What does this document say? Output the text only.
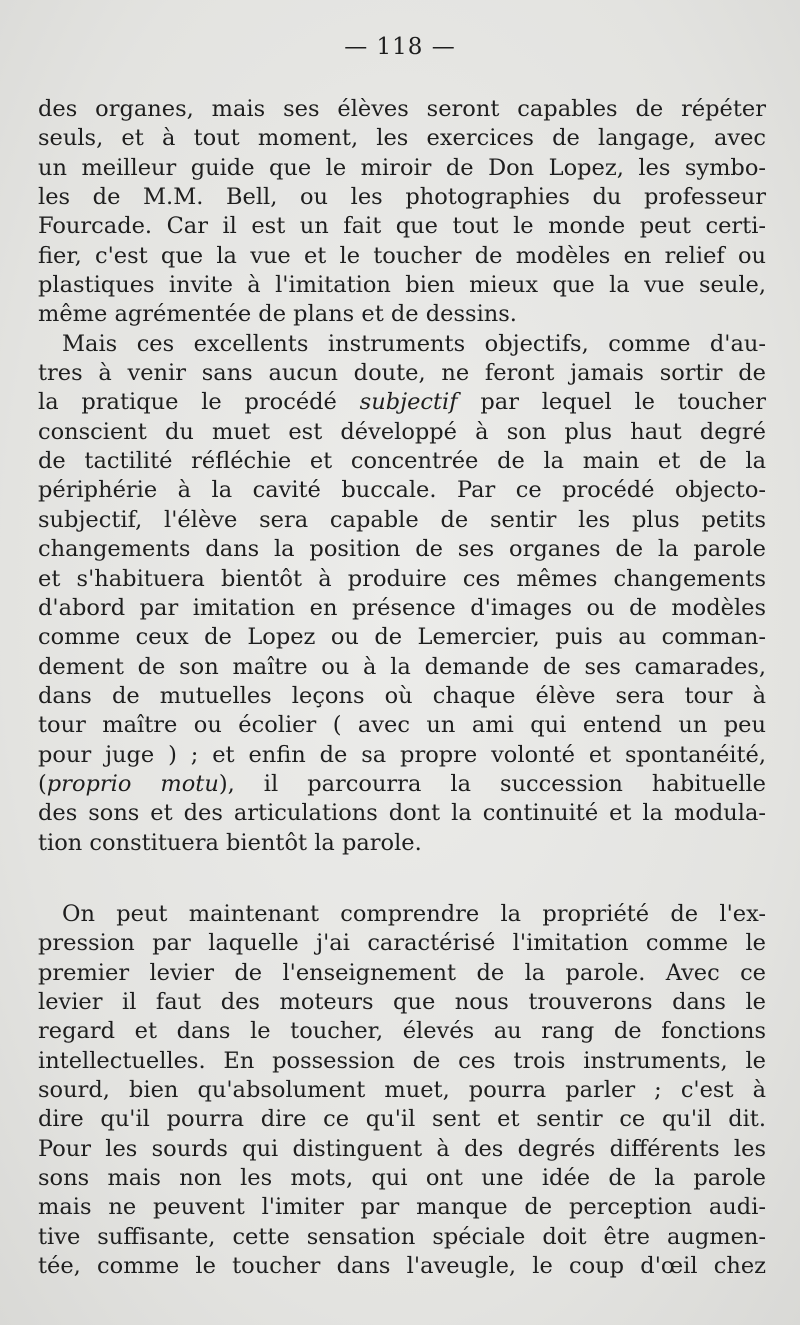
— 118 —
des organes, mais ses élèves seront capables de répéter
seuls, et à tout moment, les exercices de langage, avec
un meilleur guide que le miroir de Don Lopez, les symbo-
les de M.M. Bell, ou les photographies du professeur
Fourcade. Car il est un fait que tout le monde peut certi-
fier, c'est que la vue et le toucher de modèles en relief ou
plastiques invite à l'imitation bien mieux que la vue seule,
même agrémentée de plans et de dessins.
Mais ces excellents instruments objectifs, comme d'au-
tres à venir sans aucun doute, ne feront jamais sortir de
la pratique le procédé subjectif par lequel le toucher
conscient du muet est développé à son plus haut degré
de tactilité réfléchie et concentrée de la main et de la
périphérie à la cavité buccale. Par ce procédé objecto-
subjectif, l'élève sera capable de sentir les plus petits
changements dans la position de ses organes de la parole
et s'habituera bientôt à produire ces mêmes changements
d'abord par imitation en présence d'images ou de modèles
comme ceux de Lopez ou de Lemercier, puis au comman-
dement de son maître ou à la demande de ses camarades,
dans de mutuelles leçons où chaque élève sera tour à
tour maître ou écolier ( avec un ami qui entend un peu
pour juge ) ; et enfin de sa propre volonté et spontanéité,
(proprio motu), il parcourra la succession habituelle
des sons et des articulations dont la continuité et la modula-
tion constituera bientôt la parole.
On peut maintenant comprendre la propriété de l'ex-
pression par laquelle j'ai caractérisé l'imitation comme le
premier levier de l'enseignement de la parole. Avec ce
levier il faut des moteurs que nous trouverons dans le
regard et dans le toucher, élevés au rang de fonctions
intellectuelles. En possession de ces trois instruments, le
sourd, bien qu'absolument muet, pourra parler ; c'est à
dire qu'il pourra dire ce qu'il sent et sentir ce qu'il dit.
Pour les sourds qui distinguent à des degrés différents les
sons mais non les mots, qui ont une idée de la parole
mais ne peuvent l'imiter par manque de perception audi-
tive suffisante, cette sensation spéciale doit être augmen-
tée, comme le toucher dans l'aveugle, le coup d'œil chez
